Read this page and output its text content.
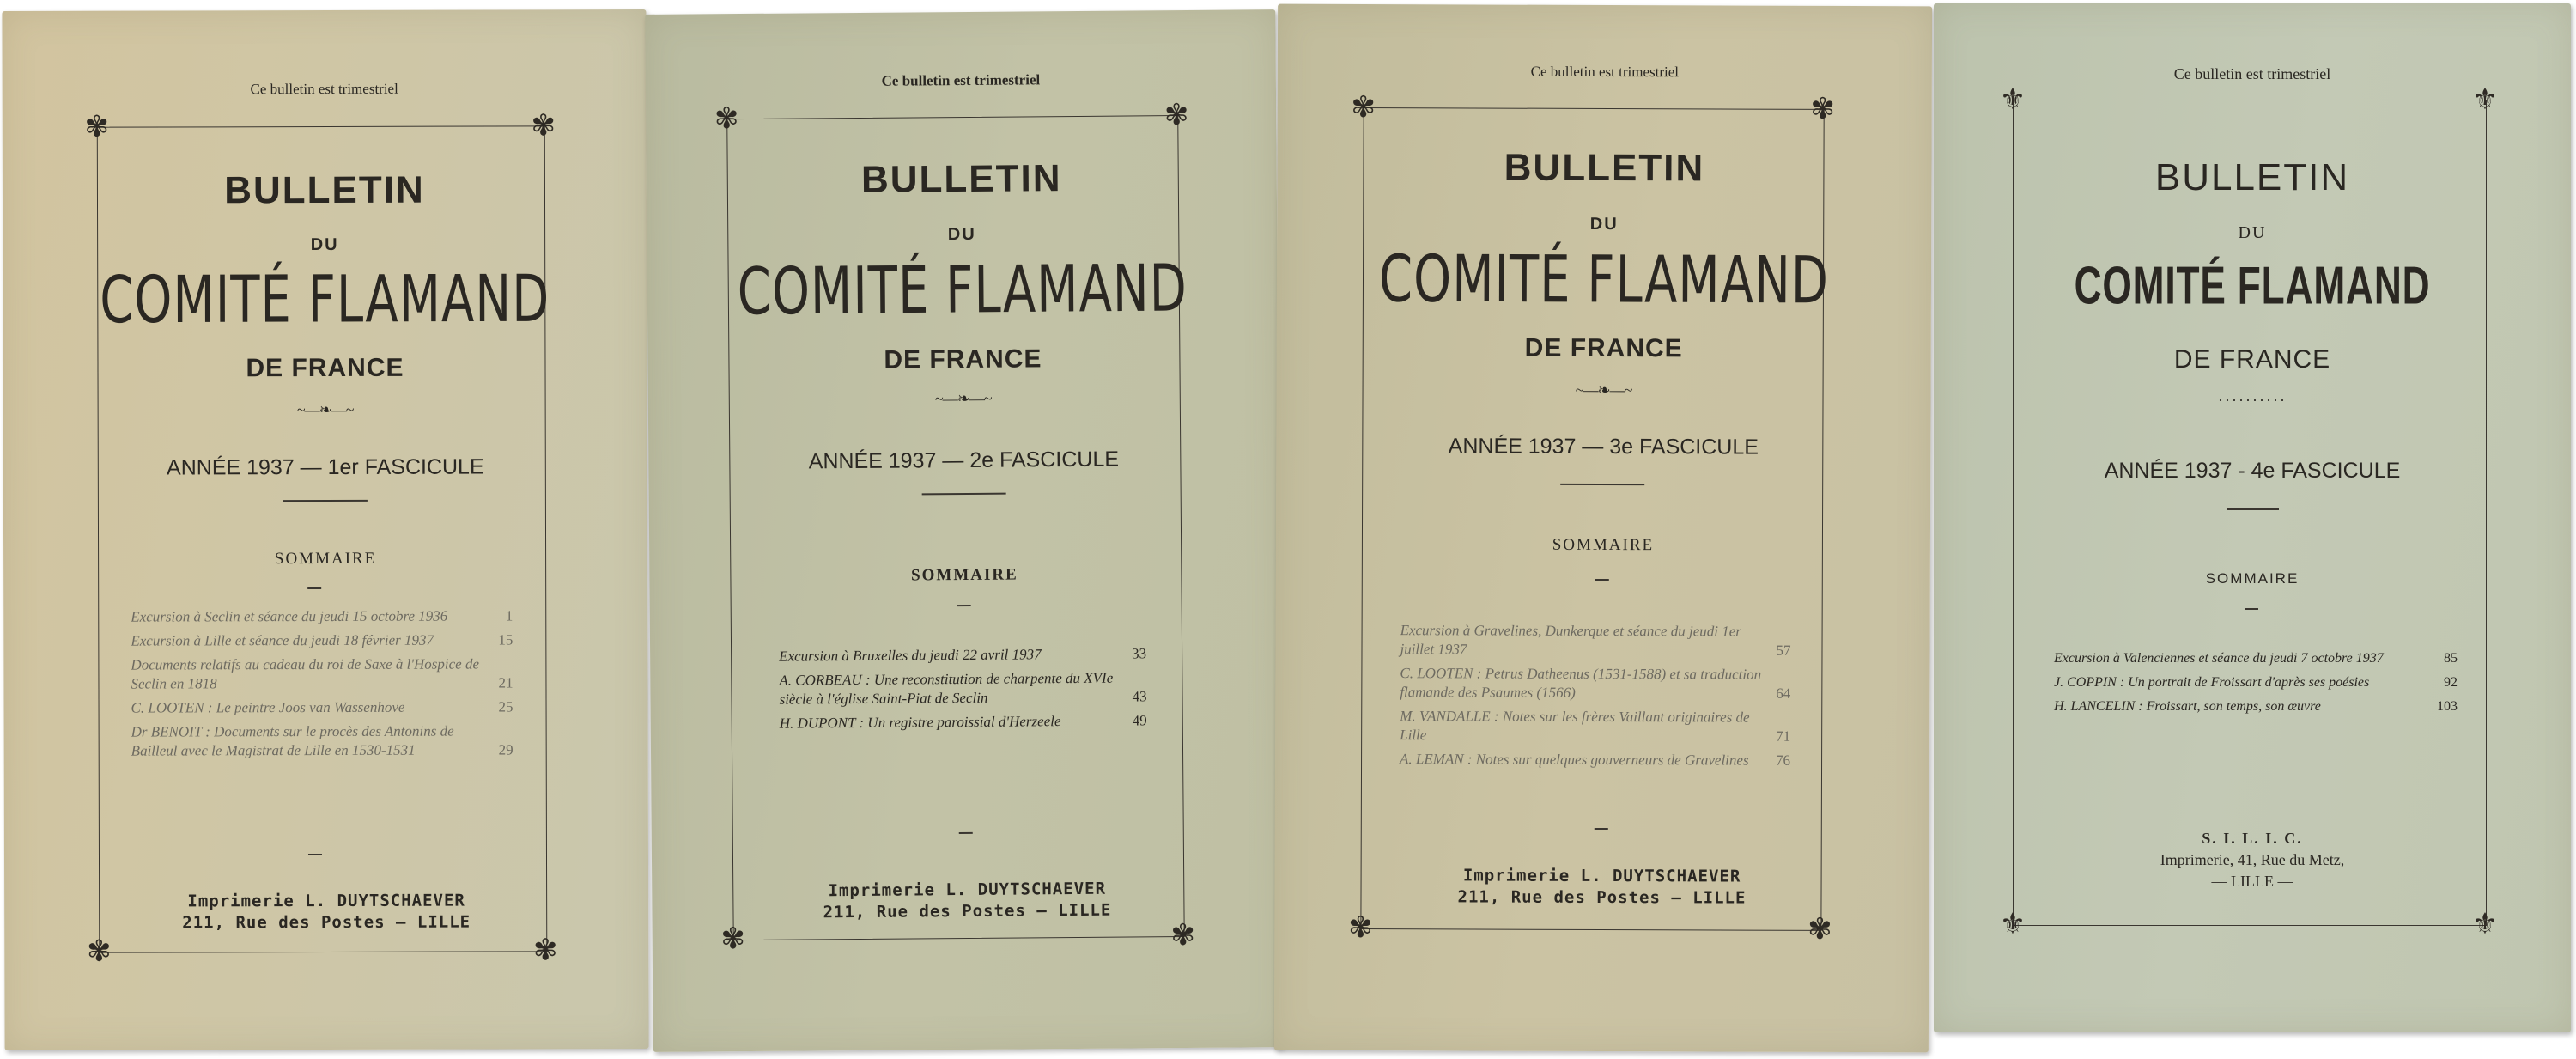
Ce bulletin est trimestriel
✾	✾
✾	✾
BULLETIN
DU
COMITÉ FLAMAND
DE FRANCE
~—❧—~
ANNÉE 1937 — 1er FASCICULE
SOMMAIRE
Excursion à Seclin et séance du jeudi 15 octobre 1936	1
Excursion à Lille et séance du jeudi 18 février 1937	15
Documents relatifs au cadeau du roi de Saxe à l'Hospice de Seclin en 1818	21
C. LOOTEN : Le peintre Joos van Wassenhove	25
Dr BENOIT : Documents sur le procès des Antonins de Bailleul avec le Magistrat de Lille en 1530-1531	29
Imprimerie L. DUYTSCHAEVER
211, Rue des Postes — LILLE
Ce bulletin est trimestriel
✾	✾
✾	✾
BULLETIN
DU
COMITÉ FLAMAND
DE FRANCE
~—❧—~
ANNÉE 1937 — 2e FASCICULE
SOMMAIRE
Excursion à Bruxelles du jeudi 22 avril 1937	33
A. CORBEAU : Une reconstitution de charpente du XVIe siècle à l'église Saint-Piat de Seclin	43
H. DUPONT : Un registre paroissial d'Herzeele	49
Imprimerie L. DUYTSCHAEVER
211, Rue des Postes — LILLE
Ce bulletin est trimestriel
✾	✾
✾	✾
BULLETIN
DU
COMITÉ FLAMAND
DE FRANCE
~—❧—~
ANNÉE 1937 — 3e FASCICULE
SOMMAIRE
Excursion à Gravelines, Dunkerque et séance du jeudi 1er juillet 1937	57
C. LOOTEN : Petrus Datheenus (1531-1588) et sa traduction flamande des Psaumes (1566)	64
M. VANDALLE : Notes sur les frères Vaillant originaires de Lille	71
A. LEMAN : Notes sur quelques gouverneurs de Gravelines	76
Imprimerie L. DUYTSCHAEVER
211, Rue des Postes — LILLE
Ce bulletin est trimestriel
⚜	⚜
⚜	⚜
BULLETIN
DU
COMITÉ FLAMAND
DE FRANCE
··········
ANNÉE 1937 - 4e FASCICULE
SOMMAIRE
Excursion à Valenciennes et séance du jeudi 7 octobre 1937	85
J. COPPIN : Un portrait de Froissart d'après ses poésies	92
H. LANCELIN : Froissart, son temps, son œuvre	103
S. I. L. I. C.
Imprimerie, 41, Rue du Metz,
— LILLE —
